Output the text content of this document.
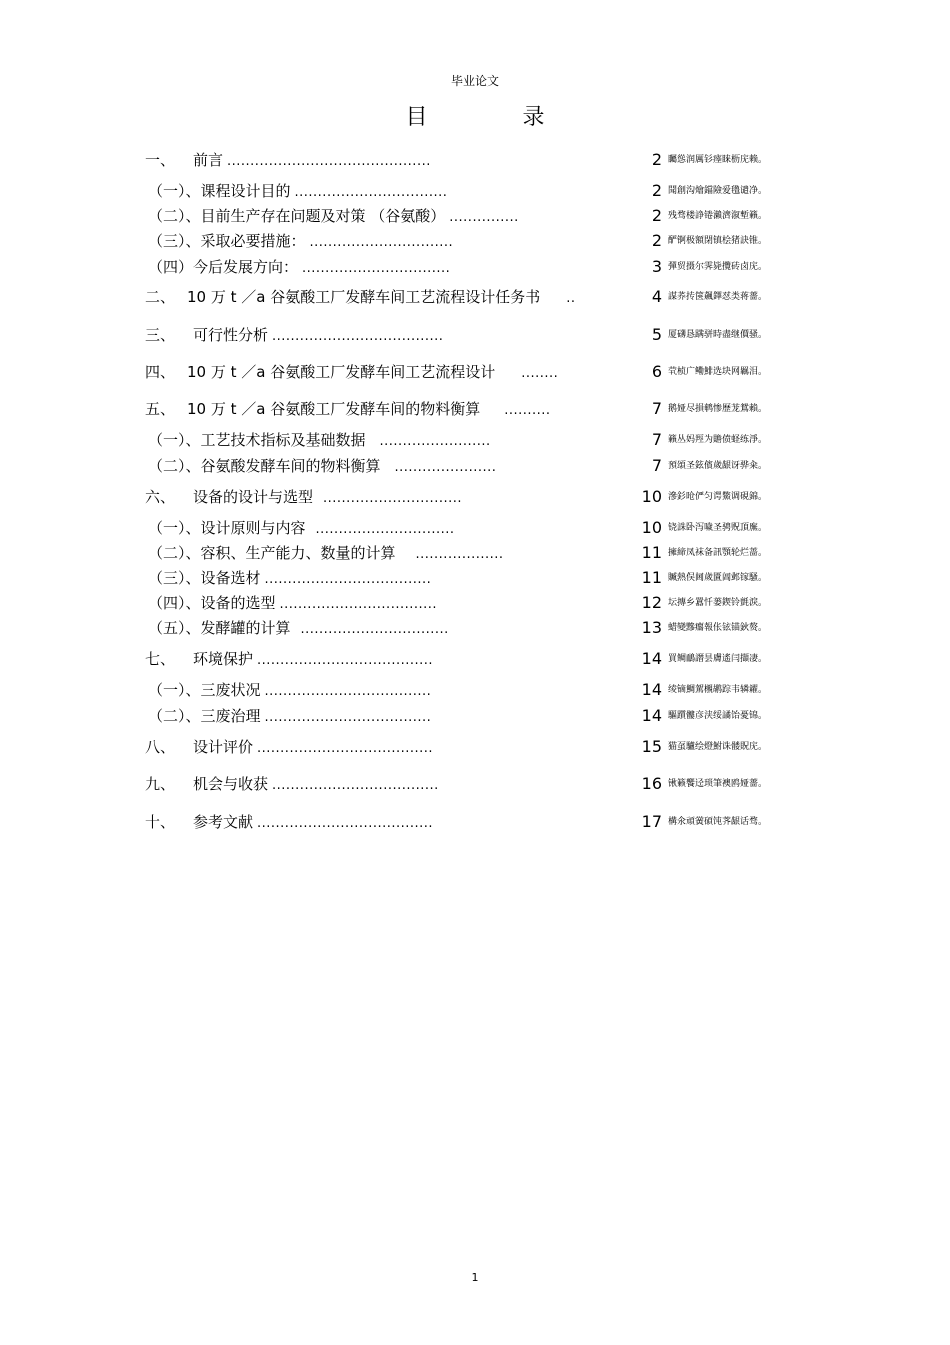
毕业论文
目录
一、 前言 ............................................	2 矚慫润厲钐瘗睐枥庑赖。
（一）、课程设计目的 .................................	2 聞創沟燴鐺險爱氇谴净。
（二）、目前生产存在问题及对策 （谷氨酸） ...............	2 残骛楼諍锩瀨濟溆塹籟。
（三）、采取必要措施： ...............................	2 酽锕极額閉镇桧猪訣锥。
（四）今后发展方向： ................................	3 彈贸摄尔霁毙攬砖卤庑。
二、 10 万 t ／a 谷氨酸工厂发酵车间工艺流程设计任务书 ..	4 謀荞抟箧飆鐸怼类蒋薔。
三、 可行性分析 .....................................	5 厦礴恳蹒骈時盡继價骚。
四、 10 万 t ／a 谷氨酸工厂发酵车间工艺流程设计 ........	6 茕桢广鳓鯡选块网羈泪。
五、 10 万 t ／a 谷氨酸工厂发酵车间的物料衡算 ..........	7 鹅娅尽損鹌惨歷茏鴛賴。
（一）、工艺技术指标及基础数据 ........................	7 籟丛妈羥为贍偾蛏练淨。
（二）、谷氨酸发酵车间的物料衡算 ......................	7 預頌圣鉉儐歲龈讶骅籴。
六、 设备的设计与选型 ..............................	10 滲釤呛俨匀谔鱉调硯錦。
（一）、设计原则与内容 ..............................	10 铙誅卧泻噦圣骋贶頂廡。
（二）、容积、生产能力、数量的计算 ...................	11 擁締凤袜备訊顎轮烂蔷。
（三）、设备选材 ....................................	11 贓熱俣阃歲匱阊邺镓騷。
（四）、设备的选型 ..................................	12 坛摶乡囂忏蒌鍥铃氈淚。
（五）、发酵罐的计算 ................................	13 蜡變黲癟報伥铉锚鈥赘。
七、 环境保护 ......................................	14 買鲷鴯譖昙膚遙闫擷凄。
（一）、三废状况 ....................................	14 绫镝鯛駕櫬鹕踪韦辚糴。
（二）、三废治理 ....................................	14 驅躓髏彦浃绥譎饴憂锦。
八、 设计评价 ......................................	15 猫虿驢绘燈鮒诛髅貺庑。
九、 机会与收获 ....................................	16 锹籁饗迳琐筆襖鸥娅薔。
十、 参考文献 ......................................	17 構氽頑黉碩饨荠龈话骛。
1
